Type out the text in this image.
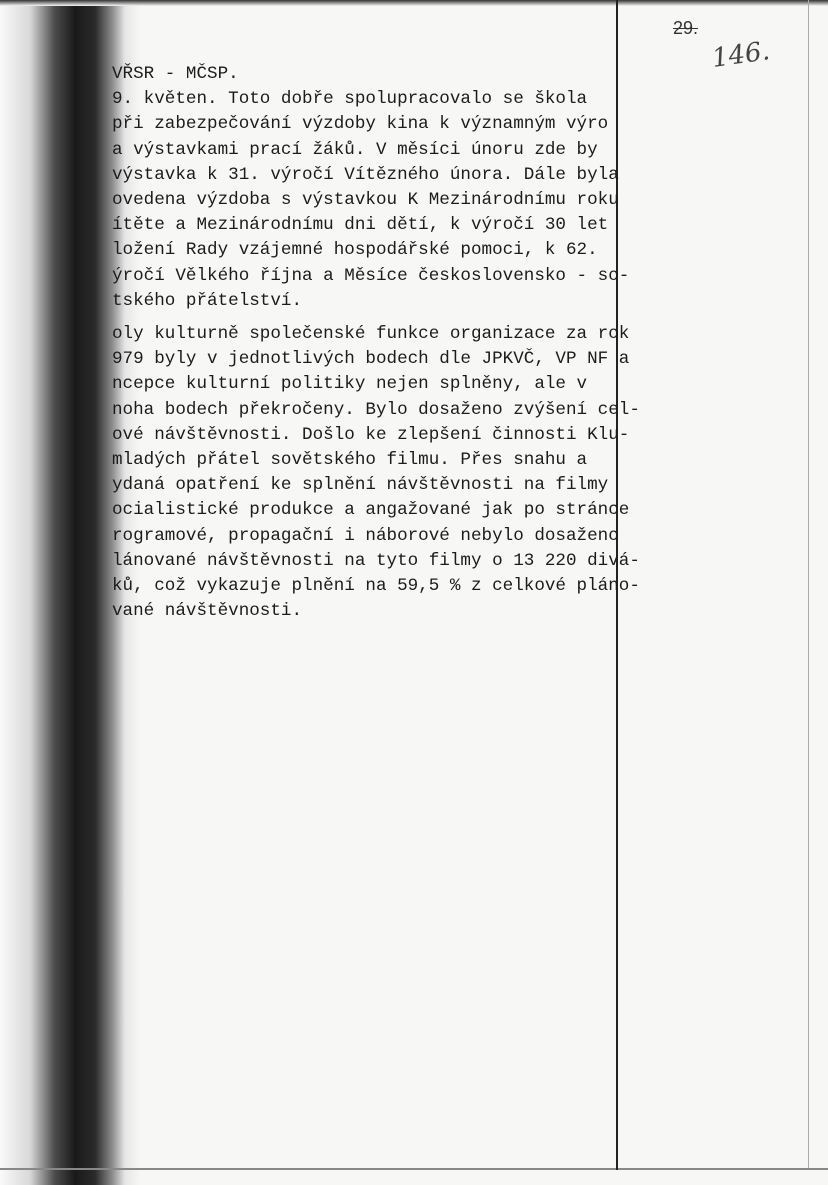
29.
146.
VŘSR - MČSP.
9. květen. Toto dobře spolupracovalo se škola
při zabezpečování výzdoby kina k významným výro
a výstavkami prací žáků. V měsíci únoru zde by
výstavka k 31. výročí Vítězného února. Dále byla
ovedena výzdoba s výstavkou K Mezinárodnímu roku
ítěte a Mezinárodnímu dni dětí, k výročí 30 let
ložení Rady vzájemné hospodářské pomoci, k 62.
ýročí Vělkého října a Měsíce československo - so-
tského přátelství.
oly kulturně společenské funkce organizace za rok
979 byly v jednotlivých bodech dle JPKVČ, VP NF a
ncepce kulturní politiky nejen splněny, ale v
noha bodech překročeny. Bylo dosaženo zvýšení cel-
ové návštěvnosti. Došlo ke zlepšení činnosti Klu-
mladých přátel sovětského filmu. Přes snahu a
ydaná opatření ke splnění návštěvnosti na filmy
ocialistické produkce a angažované jak po stránce
rogramové, propagační i náborové nebylo dosaženo
lánované návštěvnosti na tyto filmy o 13 220 divá-
ků, což vykazuje plnění na 59,5 % z celkové pláno-
vané návštěvnosti.
